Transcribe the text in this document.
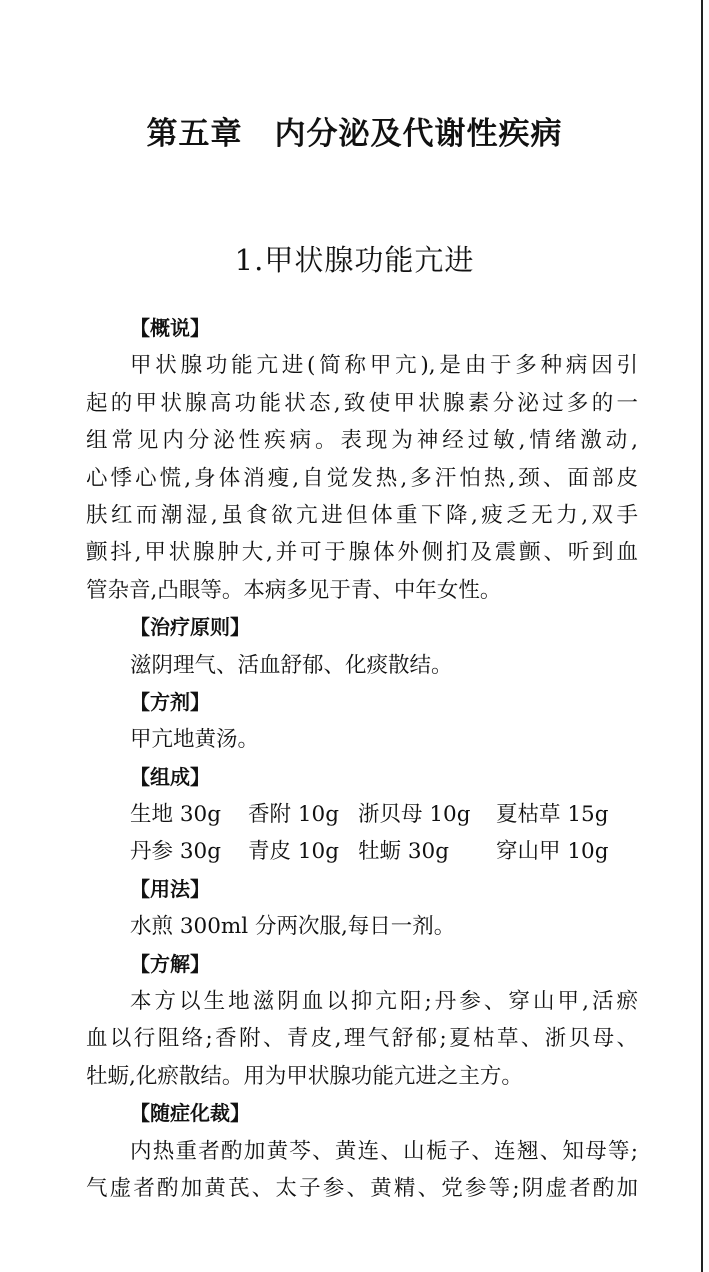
第五章　内分泌及代谢性疾病
1.甲状腺功能亢进
【概说】
甲状腺功能亢进(简称甲亢),是由于多种病因引
起的甲状腺高功能状态,致使甲状腺素分泌过多的一
组常见内分泌性疾病。表现为神经过敏,情绪激动,
心悸心慌,身体消瘦,自觉发热,多汗怕热,颈、面部皮
肤红而潮湿,虽食欲亢进但体重下降,疲乏无力,双手
颤抖,甲状腺肿大,并可于腺体外侧扪及震颤、听到血
管杂音,凸眼等。本病多见于青、中年女性。
【治疗原则】
滋阴理气、活血舒郁、化痰散结。
【方剂】
甲亢地黄汤。
【组成】
生地 30g 香附 10g 浙贝母 10g 夏枯草 15g
丹参 30g 青皮 10g 牡蛎 30g 穿山甲 10g
【用法】
水煎 300ml 分两次服,每日一剂。
【方解】
本方以生地滋阴血以抑亢阳;丹参、穿山甲,活瘀
血以行阻络;香附、青皮,理气舒郁;夏枯草、浙贝母、
牡蛎,化瘀散结。用为甲状腺功能亢进之主方。
【随症化裁】
内热重者酌加黄芩、黄连、山栀子、连翘、知母等;
气虚者酌加黄芪、太子参、黄精、党参等;阴虚者酌加
